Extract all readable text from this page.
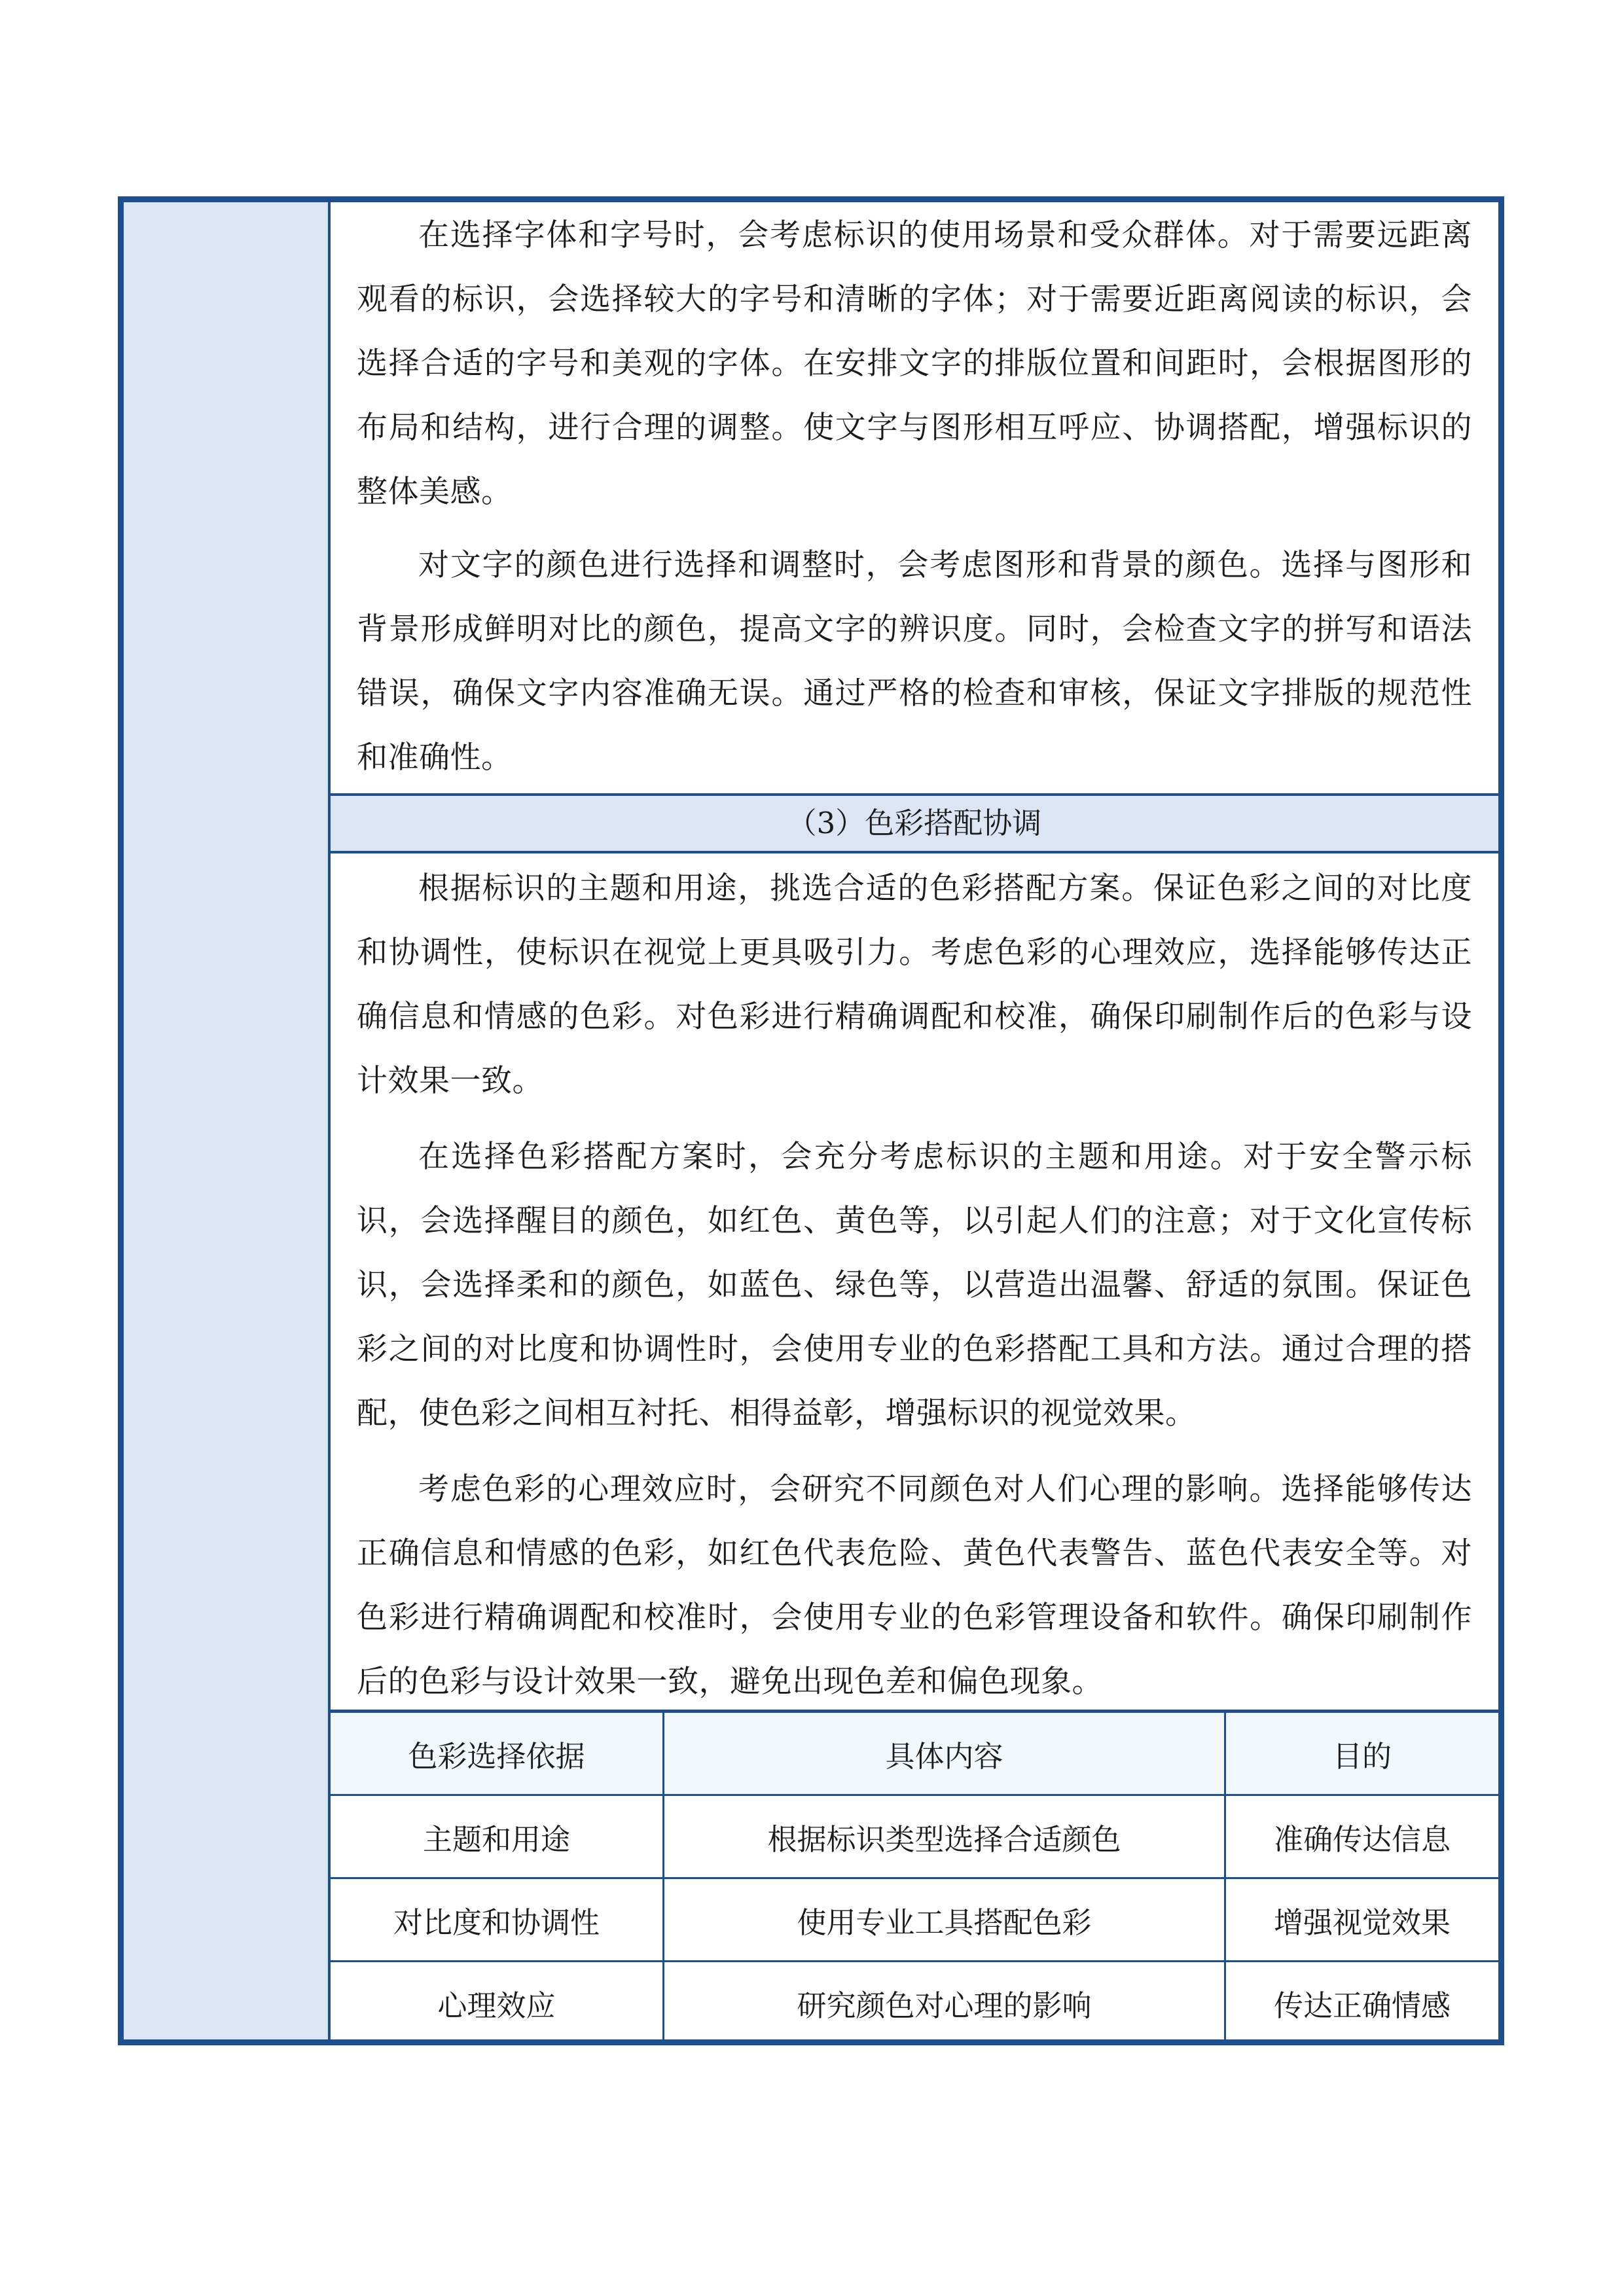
在选择字体和字号时，会考虑标识的使用场景和受众群体。对于需要远距离观看的标识，会选择较大的字号和清晰的字体；对于需要近距离阅读的标识，会选择合适的字号和美观的字体。在安排文字的排版位置和间距时，会根据图形的布局和结构，进行合理的调整。使文字与图形相互呼应、协调搭配，增强标识的整体美感。

对文字的颜色进行选择和调整时，会考虑图形和背景的颜色。选择与图形和背景形成鲜明对比的颜色，提高文字的辨识度。同时，会检查文字的拼写和语法错误，确保文字内容准确无误。通过严格的检查和审核，保证文字排版的规范性和准确性。

（3）色彩搭配协调

根据标识的主题和用途，挑选合适的色彩搭配方案。保证色彩之间的对比度和协调性，使标识在视觉上更具吸引力。考虑色彩的心理效应，选择能够传达正确信息和情感的色彩。对色彩进行精确调配和校准，确保印刷制作后的色彩与设计效果一致。

在选择色彩搭配方案时，会充分考虑标识的主题和用途。对于安全警示标识，会选择醒目的颜色，如红色、黄色等，以引起人们的注意；对于文化宣传标识，会选择柔和的颜色，如蓝色、绿色等，以营造出温馨、舒适的氛围。保证色彩之间的对比度和协调性时，会使用专业的色彩搭配工具和方法。通过合理的搭配，使色彩之间相互衬托、相得益彰，增强标识的视觉效果。

考虑色彩的心理效应时，会研究不同颜色对人们心理的影响。选择能够传达正确信息和情感的色彩，如红色代表危险、黄色代表警告、蓝色代表安全等。对色彩进行精确调配和校准时，会使用专业的色彩管理设备和软件。确保印刷制作后的色彩与设计效果一致，避免出现色差和偏色现象。

色彩选择依据	具体内容	目的
主题和用途	根据标识类型选择合适颜色	准确传达信息
对比度和协调性	使用专业工具搭配色彩	增强视觉效果
心理效应	研究颜色对心理的影响	传达正确情感
